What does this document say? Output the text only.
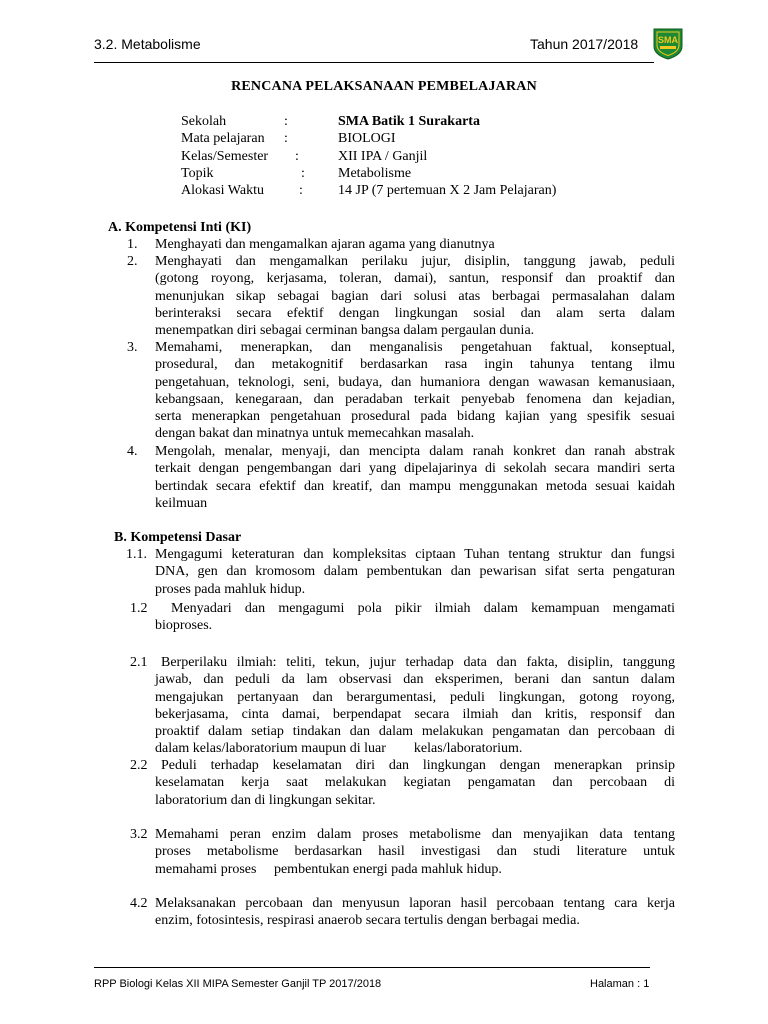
3.2. Metabolisme	Tahun 2017/2018 SMA
RENCANA PELAKSANAAN PEMBELAJARAN
Sekolah	:	SMA Batik 1 Surakarta
Mata pelajaran	:	BIOLOGI
Kelas/Semester	:	XII IPA / Ganjil
Topik	: Metabolisme
Alokasi Waktu	:	14 JP (7 pertemuan X 2 Jam Pelajaran)
A. Kompetensi Inti (KI)
1. Menghayati dan mengamalkan ajaran agama yang dianutnya
2. Menghayati dan mengamalkan perilaku jujur, disiplin, tanggung jawab, peduli
(gotong royong, kerjasama, toleran, damai), santun, responsif dan proaktif dan
menunjukan sikap sebagai bagian dari solusi atas berbagai permasalahan dalam
berinteraksi secara efektif dengan lingkungan sosial dan alam serta dalam
menempatkan diri sebagai cerminan bangsa dalam pergaulan dunia.
3. Memahami, menerapkan, dan menganalisis pengetahuan faktual, konseptual,
prosedural, dan metakognitif berdasarkan rasa ingin tahunya tentang ilmu
pengetahuan, teknologi, seni, budaya, dan humaniora dengan wawasan kemanusiaan,
kebangsaan, kenegaraan, dan peradaban terkait penyebab fenomena dan kejadian,
serta menerapkan pengetahuan prosedural pada bidang kajian yang spesifik sesuai
dengan bakat dan minatnya untuk memecahkan masalah.
4. Mengolah, menalar, menyaji, dan mencipta dalam ranah konkret dan ranah abstrak
terkait dengan pengembangan dari yang dipelajarinya di sekolah secara mandiri serta
bertindak secara efektif dan kreatif, dan mampu menggunakan metoda sesuai kaidah
keilmuan
B. Kompetensi Dasar
1.1. Mengagumi keteraturan dan kompleksitas ciptaan Tuhan tentang struktur dan fungsi
DNA, gen dan kromosom dalam pembentukan dan pewarisan sifat serta pengaturan
proses pada mahluk hidup.
1.2	Menyadari dan mengagumi pola pikir ilmiah dalam kemampuan mengamati
bioproses.
2.1 Berperilaku ilmiah: teliti, tekun, jujur terhadap data dan fakta, disiplin, tanggung
jawab, dan peduli da lam observasi dan eksperimen, berani dan santun dalam
mengajukan pertanyaan dan berargumentasi, peduli lingkungan, gotong royong,
bekerjasama, cinta damai, berpendapat secara ilmiah dan kritis, responsif dan
proaktif dalam setiap tindakan dan dalam melakukan pengamatan dan percobaan di
dalam kelas/laboratorium maupun di luar        kelas/laboratorium.
2.2 Peduli terhadap keselamatan diri dan lingkungan dengan menerapkan prinsip
keselamatan kerja saat melakukan kegiatan pengamatan dan percobaan di
laboratorium dan di lingkungan sekitar.
3.2 Memahami peran enzim dalam proses metabolisme dan menyajikan data tentang
proses metabolisme berdasarkan hasil investigasi dan studi literature untuk
memahami proses     pembentukan energi pada mahluk hidup.
4.2 Melaksanakan percobaan dan menyusun laporan hasil percobaan tentang cara kerja
enzim, fotosintesis, respirasi anaerob secara tertulis dengan berbagai media.
RPP Biologi Kelas XII MIPA Semester Ganjil TP 2017/2018	Halaman : 1
